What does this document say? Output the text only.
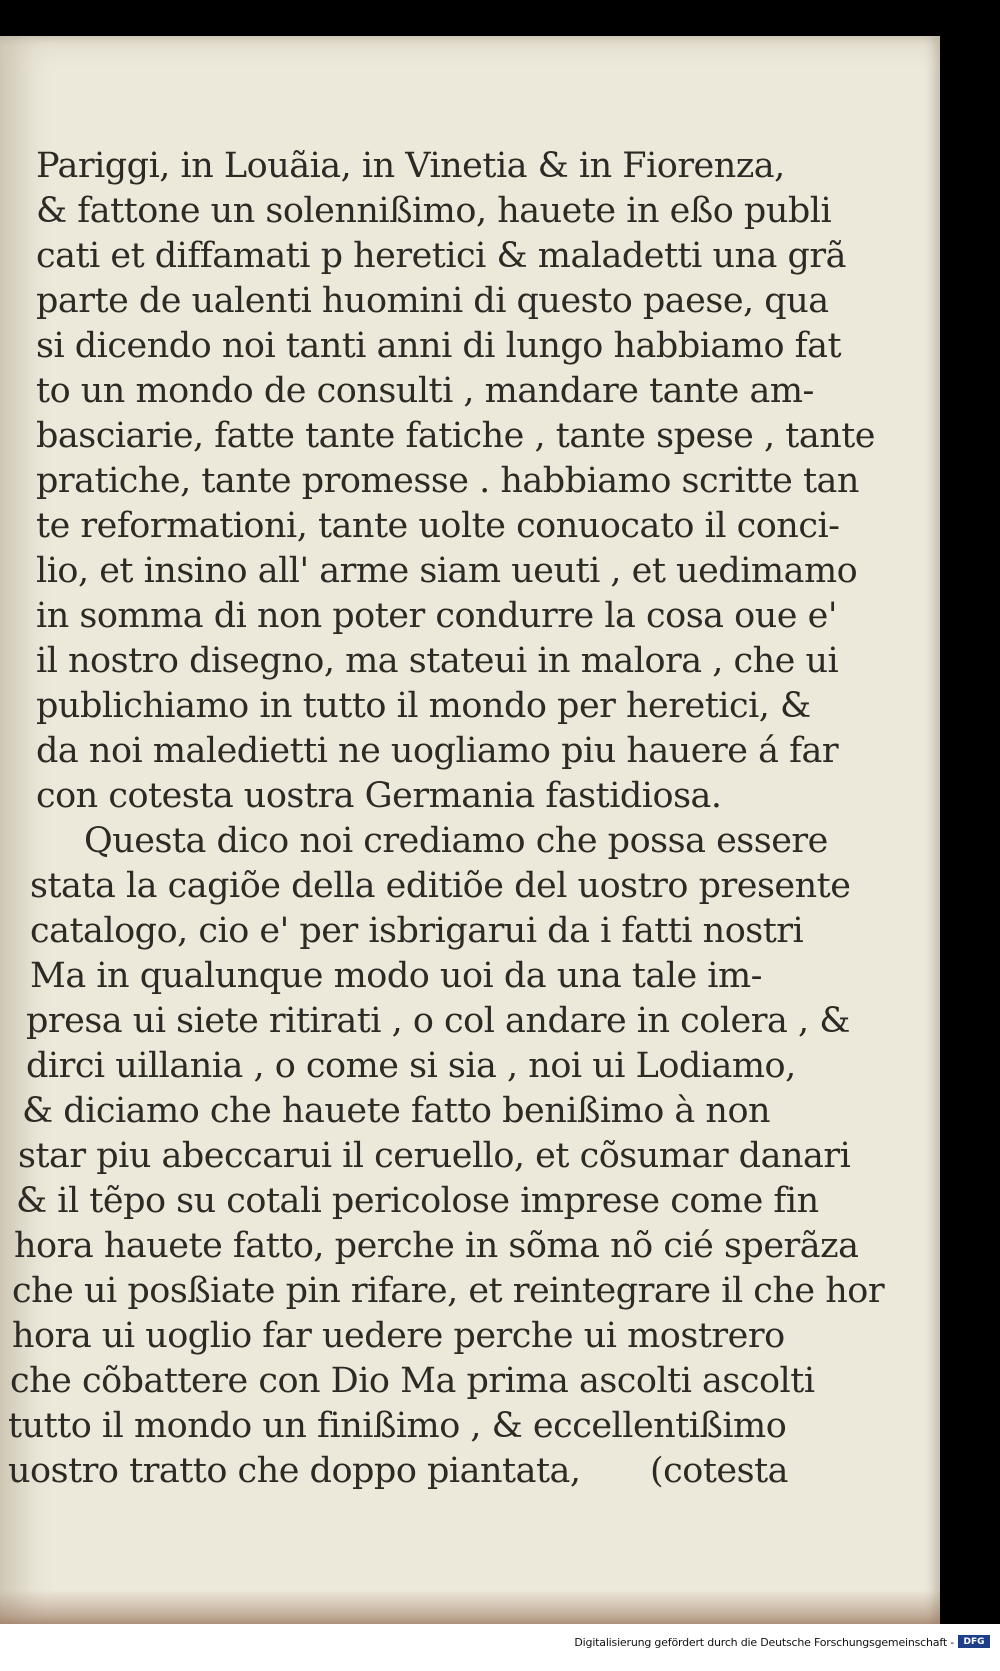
Pariggi, in Louãia, in Vinetia & in Fiorenza,
& fattone un solennißimo, hauete in eßo publi
cati et diffamati p heretici & maladetti una grã
parte de ualenti huomini di questo paese, qua
si dicendo noi tanti anni di lungo habbiamo fat
to un mondo de consulti , mandare tante am-
basciarie, fatte tante fatiche , tante spese , tante
pratiche, tante promesse . habbiamo scritte tan
te reformationi, tante uolte conuocato il conci-
lio, et insino all' arme siam ueuti , et uedimamo
in somma di non poter condurre la cosa oue e'
il nostro disegno, ma stateui in malora , che ui
publichiamo in tutto il mondo per heretici, &
da noi maledietti ne uogliamo piu hauere á far
con cotesta uostra Germania fastidiosa.
Questa dico noi crediamo che possa essere
stata la cagiõe della editiõe del uostro presente
catalogo, cio e' per isbrigarui da i fatti nostri
Ma in qualunque modo uoi da una tale im-
presa ui siete ritirati , o col andare in colera , &
dirci uillania , o come si sia , noi ui Lodiamo,
& diciamo che hauete fatto benißimo à non
star piu abeccarui il ceruello, et cõsumar danari
& il tẽpo su cotali pericolose imprese come fin
hora hauete fatto, perche in sõma nõ cié sperãza
che ui posßiate pin rifare, et reintegrare il che hor
hora ui uoglio far uedere perche ui mostrero
che cõbattere con Dio Ma prima ascolti ascolti
tutto il mondo un finißimo , & eccellentißimo
uostro tratto che doppo piantata, (cotesta
Digitalisierung gefördert durch die Deutsche Forschungsgemeinschaft -	DFG
